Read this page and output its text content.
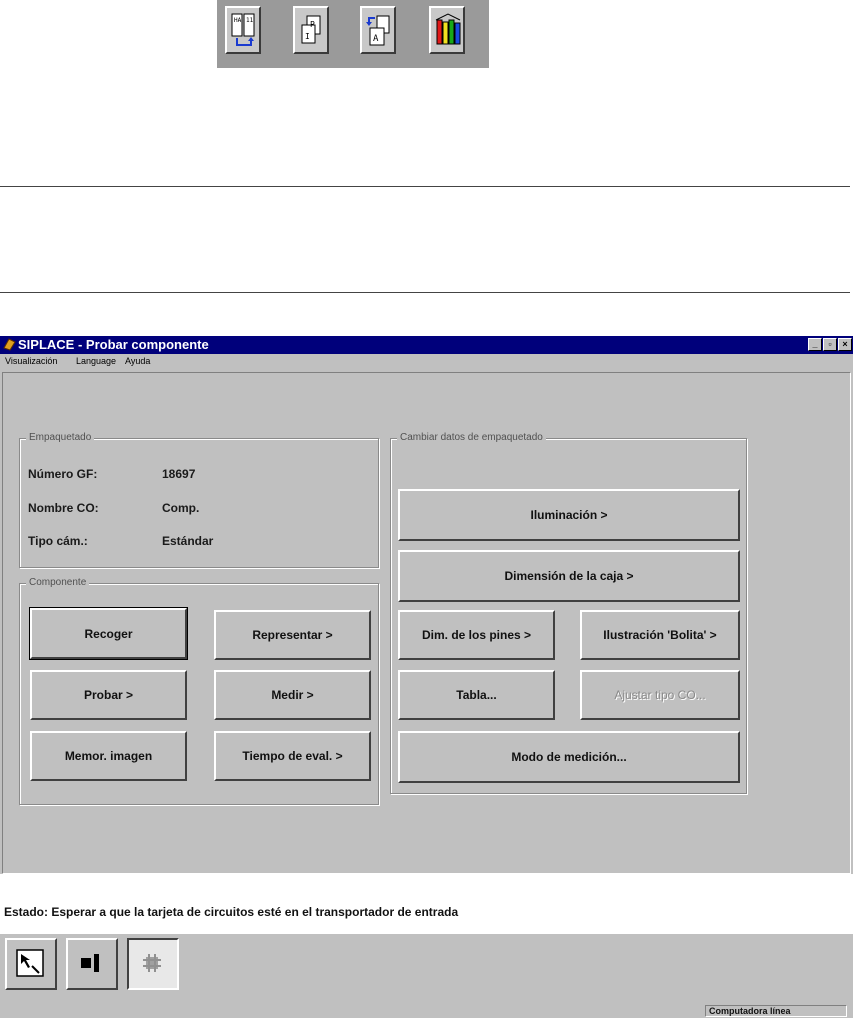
HA 11	P
I	A
SIPLACE - Probar componente	_	▫	×
Visualización Language Ayuda
Empaquetado
Número GF:	18697
Nombre CO:	Comp.
Tipo cám.:	Estándar
Componente
Recoger	Representar >
Probar >	Medir >
Memor. imagen	Tiempo de eval. >
Cambiar datos de empaquetado
Iluminación >
Dimensión de la caja >
Dim. de los pines >	Ilustración 'Bolita' >
Tabla...	Ajustar tipo CO...
Modo de medición...
Estado: Esperar a que la tarjeta de circuitos esté en el transportador de entrada
Computadora línea
